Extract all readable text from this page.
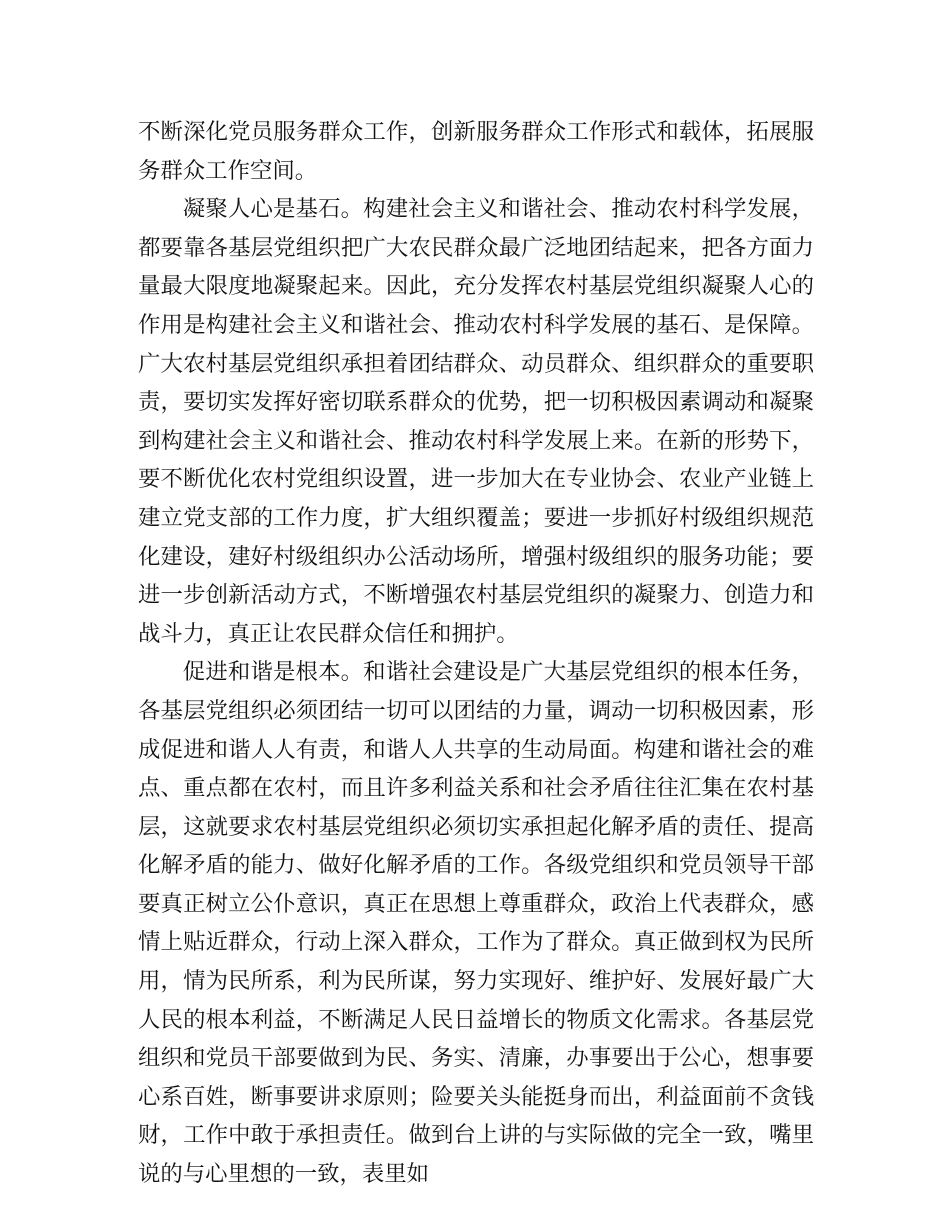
不断深化党员服务群众工作，创新服务群众工作形式和载体，拓展服务群众工作空间。

凝聚人心是基石。构建社会主义和谐社会、推动农村科学发展，都要靠各基层党组织把广大农民群众最广泛地团结起来，把各方面力量最大限度地凝聚起来。因此，充分发挥农村基层党组织凝聚人心的作用是构建社会主义和谐社会、推动农村科学发展的基石、是保障。广大农村基层党组织承担着团结群众、动员群众、组织群众的重要职责，要切实发挥好密切联系群众的优势，把一切积极因素调动和凝聚到构建社会主义和谐社会、推动农村科学发展上来。在新的形势下，要不断优化农村党组织设置，进一步加大在专业协会、农业产业链上建立党支部的工作力度，扩大组织覆盖；要进一步抓好村级组织规范化建设，建好村级组织办公活动场所，增强村级组织的服务功能；要进一步创新活动方式，不断增强农村基层党组织的凝聚力、创造力和战斗力，真正让农民群众信任和拥护。

促进和谐是根本。和谐社会建设是广大基层党组织的根本任务，各基层党组织必须团结一切可以团结的力量，调动一切积极因素，形成促进和谐人人有责，和谐人人共享的生动局面。构建和谐社会的难点、重点都在农村，而且许多利益关系和社会矛盾往往汇集在农村基层，这就要求农村基层党组织必须切实承担起化解矛盾的责任、提高化解矛盾的能力、做好化解矛盾的工作。各级党组织和党员领导干部要真正树立公仆意识，真正在思想上尊重群众，政治上代表群众，感情上贴近群众，行动上深入群众，工作为了群众。真正做到权为民所用，情为民所系，利为民所谋，努力实现好、维护好、发展好最广大人民的根本利益，不断满足人民日益增长的物质文化需求。各基层党组织和党员干部要做到为民、务实、清廉，办事要出于公心，想事要心系百姓，断事要讲求原则；险要关头能挺身而出，利益面前不贪钱财，工作中敢于承担责任。做到台上讲的与实际做的完全一致，嘴里说的与心里想的一致，表里如
